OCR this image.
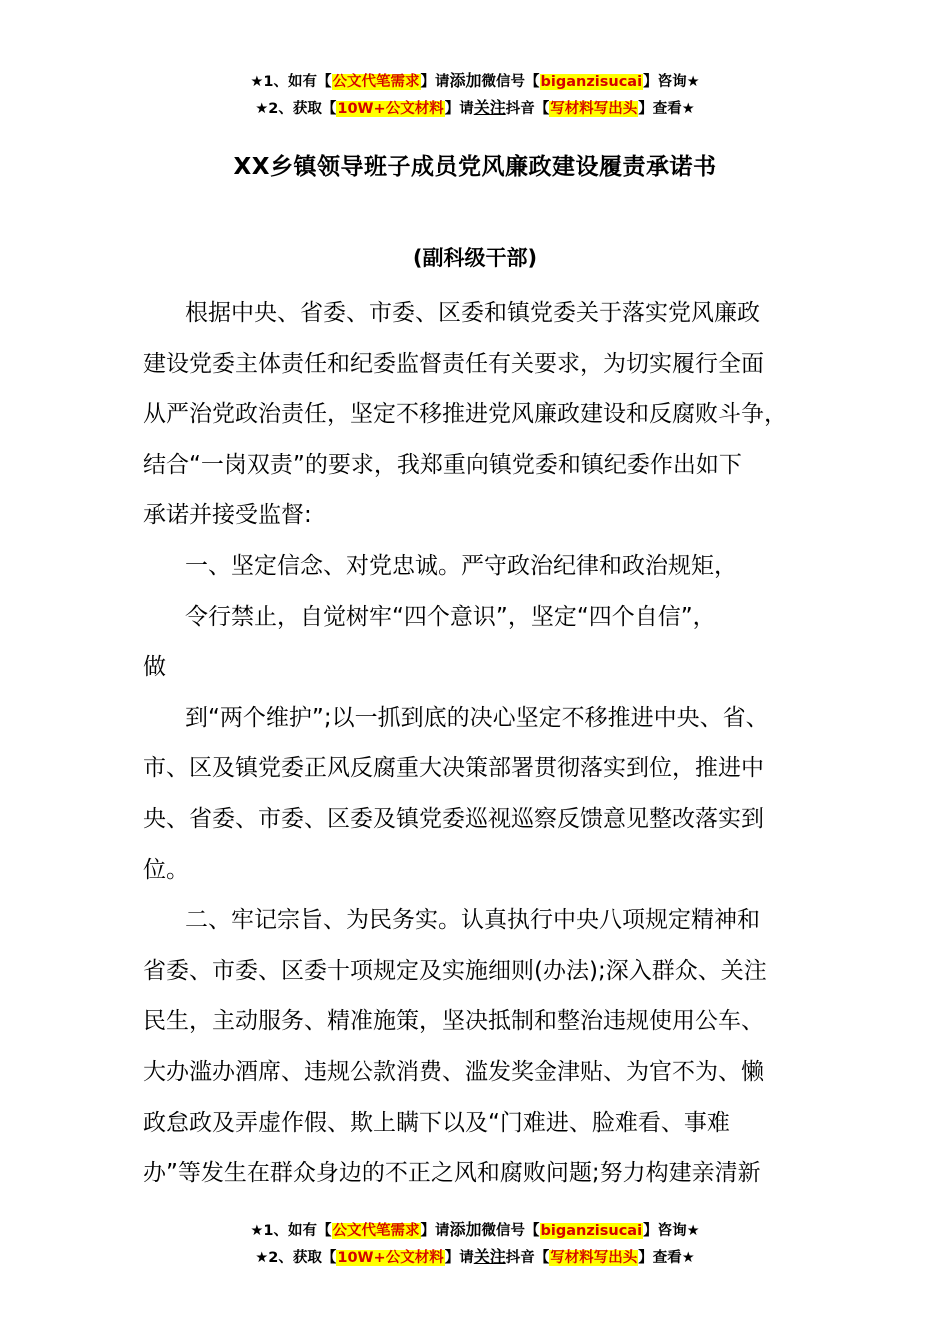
★1、如有【公文代笔需求】请添加微信号【biganzisucai】咨询★
★2、获取【10W+公文材料】请关注抖音【写材料写出头】查看★
XX乡镇领导班子成员党风廉政建设履责承诺书
(副科级干部)

根据中央、省委、市委、区委和镇党委关于落实党风廉政

建设党委主体责任和纪委监督责任有关要求，为切实履行全面

从严治党政治责任，坚定不移推进党风廉政建设和反腐败斗争，

结合“一岗双责”的要求，我郑重向镇党委和镇纪委作出如下

承诺并接受监督:

一、坚定信念、对党忠诚。严守政治纪律和政治规矩，

令行禁止，自觉树牢“四个意识”，坚定“四个自信”，

做

到“两个维护”;以一抓到底的决心坚定不移推进中央、省、

市、区及镇党委正风反腐重大决策部署贯彻落实到位，推进中

央、省委、市委、区委及镇党委巡视巡察反馈意见整改落实到

位。

二、牢记宗旨、为民务实。认真执行中央八项规定精神和

省委、市委、区委十项规定及实施细则(办法);深入群众、关注

民生，主动服务、精准施策，坚决抵制和整治违规使用公车、

大办滥办酒席、违规公款消费、滥发奖金津贴、为官不为、懒

政怠政及弄虚作假、欺上瞒下以及“门难进、脸难看、事难

办”等发生在群众身边的不正之风和腐败问题;努力构建亲清新

★1、如有【公文代笔需求】请添加微信号【biganzisucai】咨询★
★2、获取【10W+公文材料】请关注抖音【写材料写出头】查看★
